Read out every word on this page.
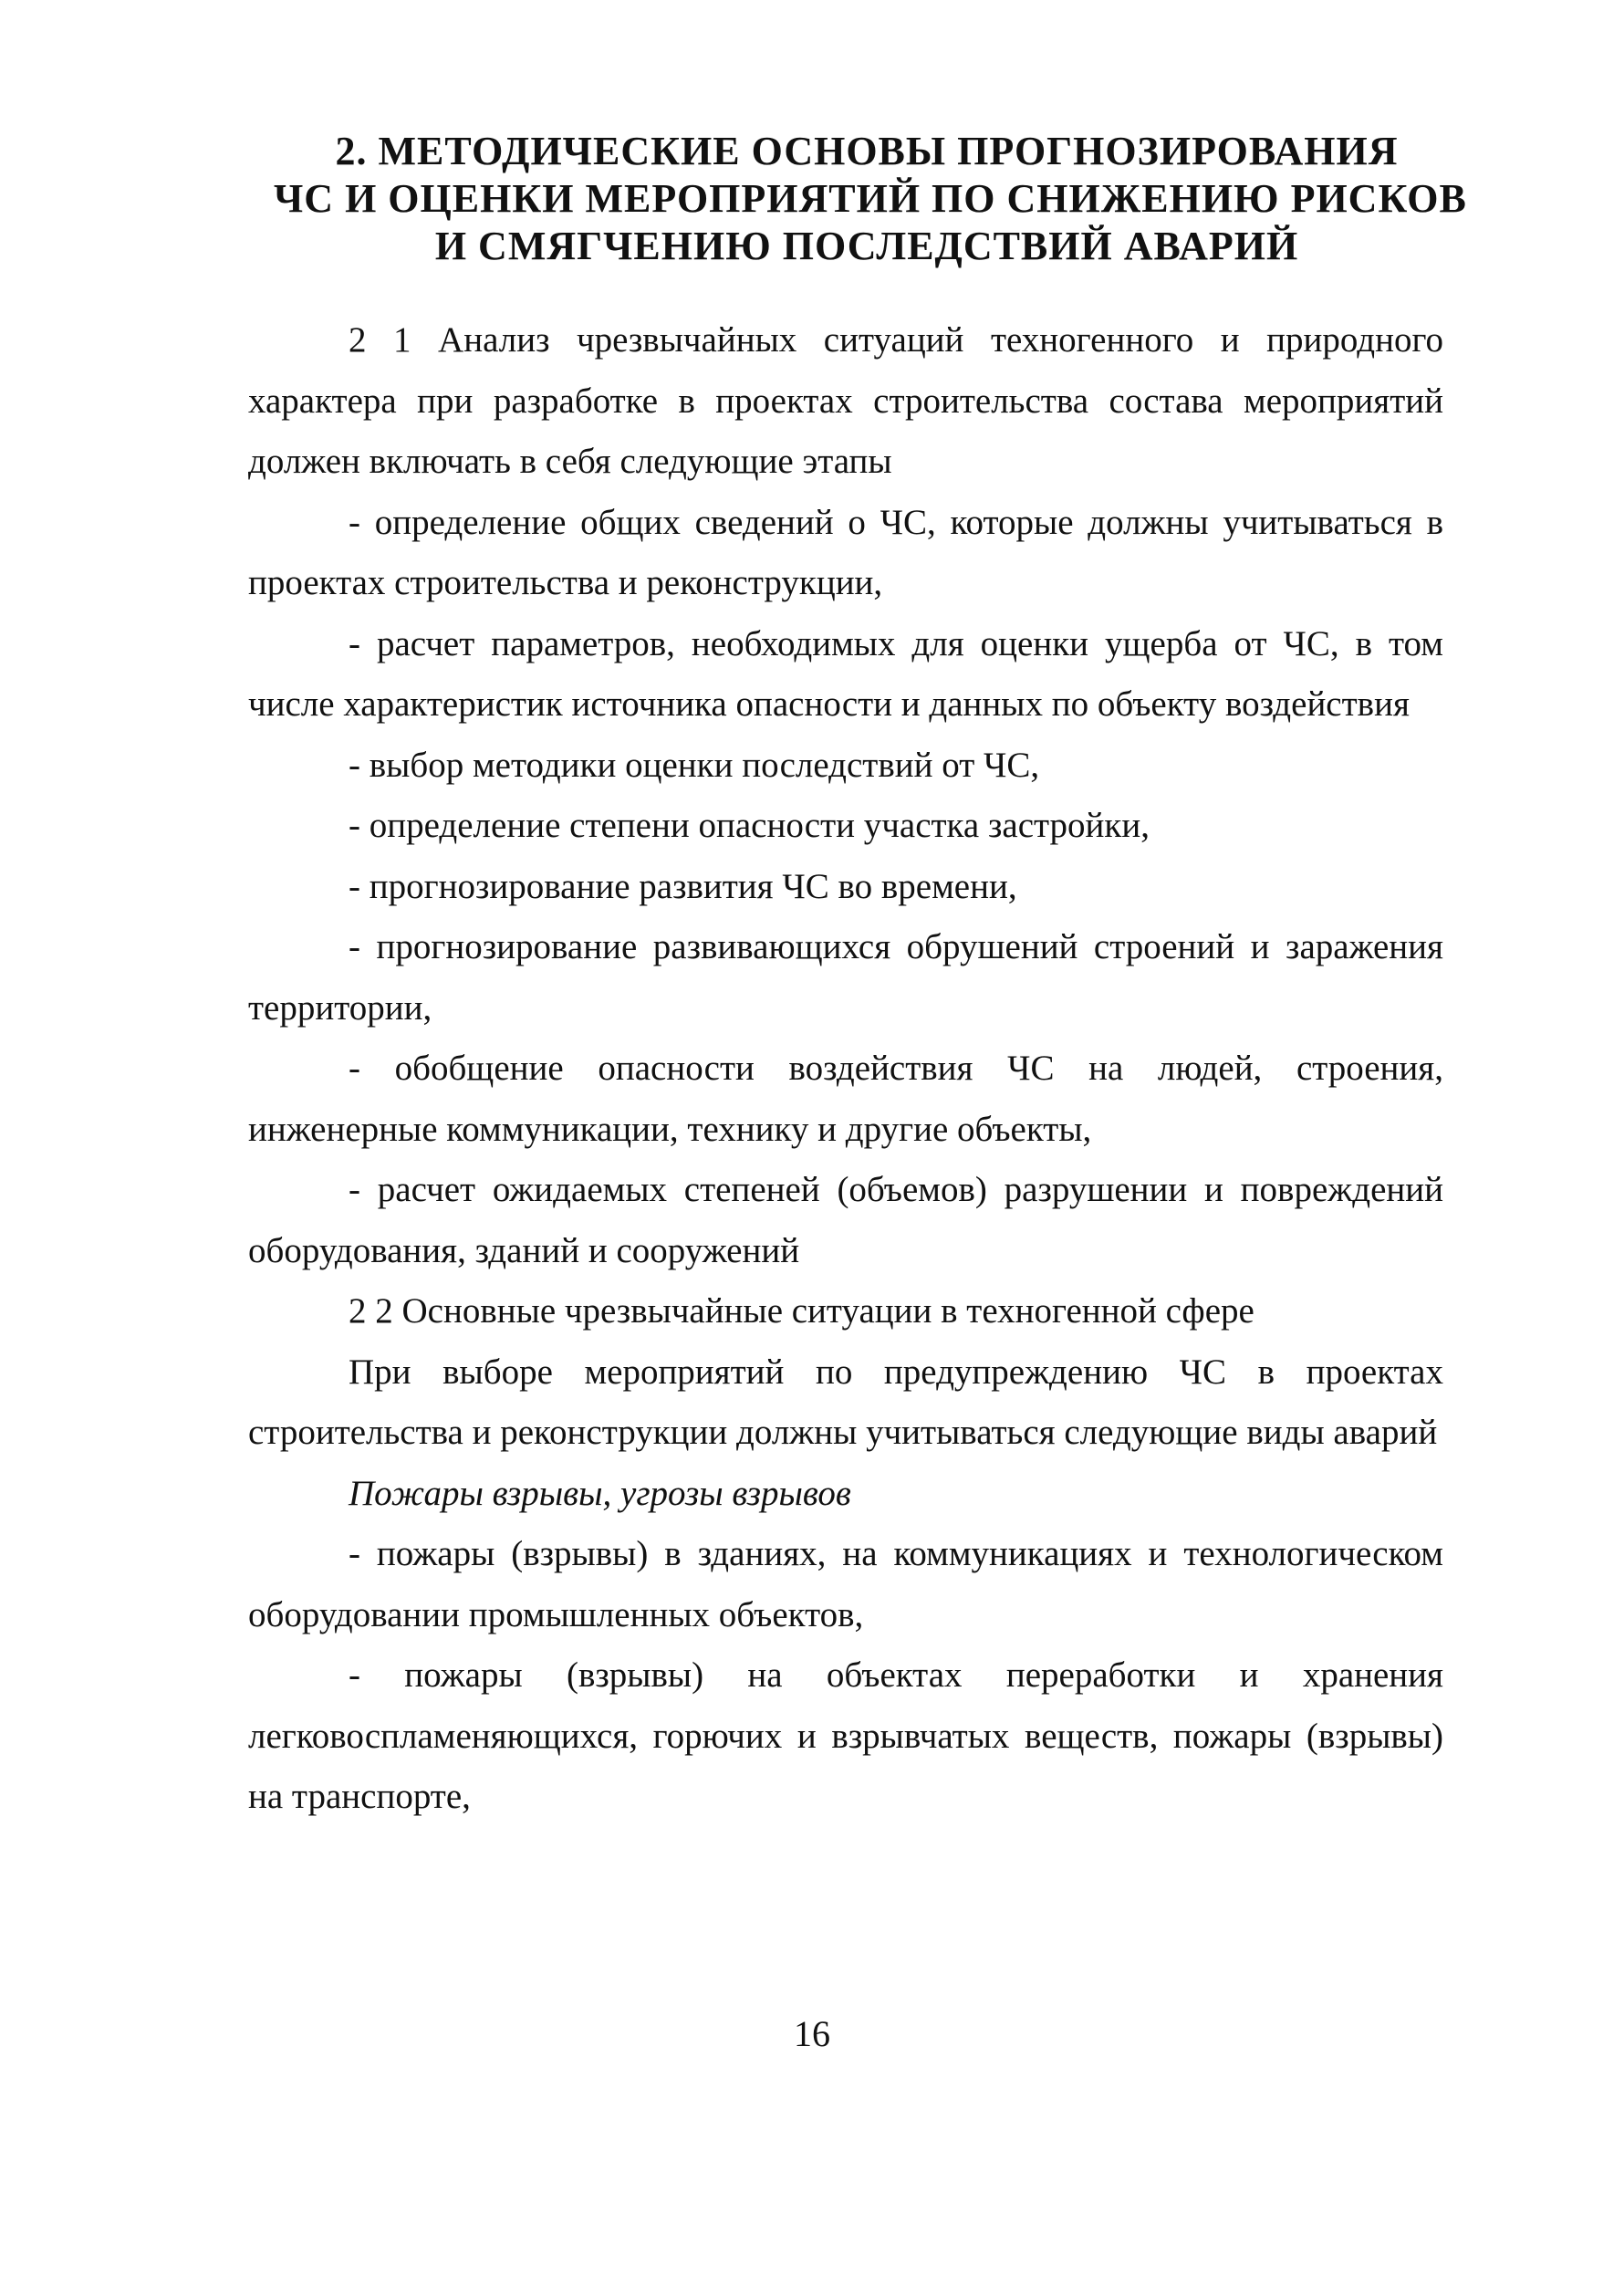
2. МЕТОДИЧЕСКИЕ ОСНОВЫ ПРОГНОЗИРОВАНИЯ
ЧС И ОЦЕНКИ МЕРОПРИЯТИЙ ПО СНИЖЕНИЮ РИСКОВ
И СМЯГЧЕНИЮ ПОСЛЕДСТВИЙ АВАРИЙ

2 1 Анализ чрезвычайных ситуаций техногенного и природного характера при разработке в проектах строительства состава мероприятий должен включать в себя следующие этапы

- определение общих сведений о ЧС, которые должны учитываться в проектах строительства и реконструкции,

- расчет параметров, необходимых для оценки ущерба от ЧС, в том числе характеристик источника опасности и данных по объекту воздействия

- выбор методики оценки последствий от ЧС,

- определение степени опасности участка застройки,

- прогнозирование развития ЧС во времени,

- прогнозирование развивающихся обрушений строений и заражения территории,

- обобщение опасности воздействия ЧС на людей, строения, инженерные коммуникации, технику и другие объекты,

- расчет ожидаемых степеней (объемов) разрушении и повреждений оборудования, зданий и сооружений

2 2 Основные чрезвычайные ситуации в техногенной сфере

При выборе мероприятий по предупреждению ЧС в проектах строительства и реконструкции должны учитываться следующие виды аварий

Пожары взрывы, угрозы взрывов

- пожары (взрывы) в зданиях, на коммуникациях и технологическом оборудовании промышленных объектов,

- пожары (взрывы) на объектах переработки и хранения легковоспламеняющихся, горючих и взрывчатых веществ, пожары (взрывы) на транспорте,

16
